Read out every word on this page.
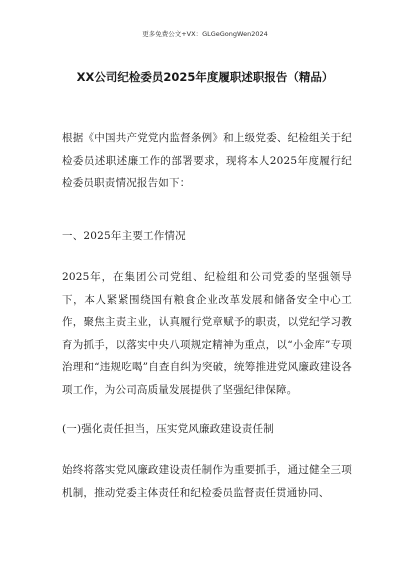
更多免费公文+VX：GLGeGongWen2024
XX公司纪检委员2025年度履职述职报告（精品）
根据《中国共产党党内监督条例》和上级党委、纪检组关于纪检委员述职述廉工作的部署要求，现将本人2025年度履行纪检委员职责情况报告如下：
一、2025年主要工作情况
2025年，在集团公司党组、纪检组和公司党委的坚强领导下，本人紧紧围绕国有粮食企业改革发展和储备安全中心工作，聚焦主责主业，认真履行党章赋予的职责，以党纪学习教育为抓手，以落实中央八项规定精神为重点，以“小金库”专项治理和“违规吃喝”自查自纠为突破，统筹推进党风廉政建设各项工作，为公司高质量发展提供了坚强纪律保障。
(一)强化责任担当，压实党风廉政建设责任制
始终将落实党风廉政建设责任制作为重要抓手，通过健全三项机制，推动党委主体责任和纪检委员监督责任贯通协同、
